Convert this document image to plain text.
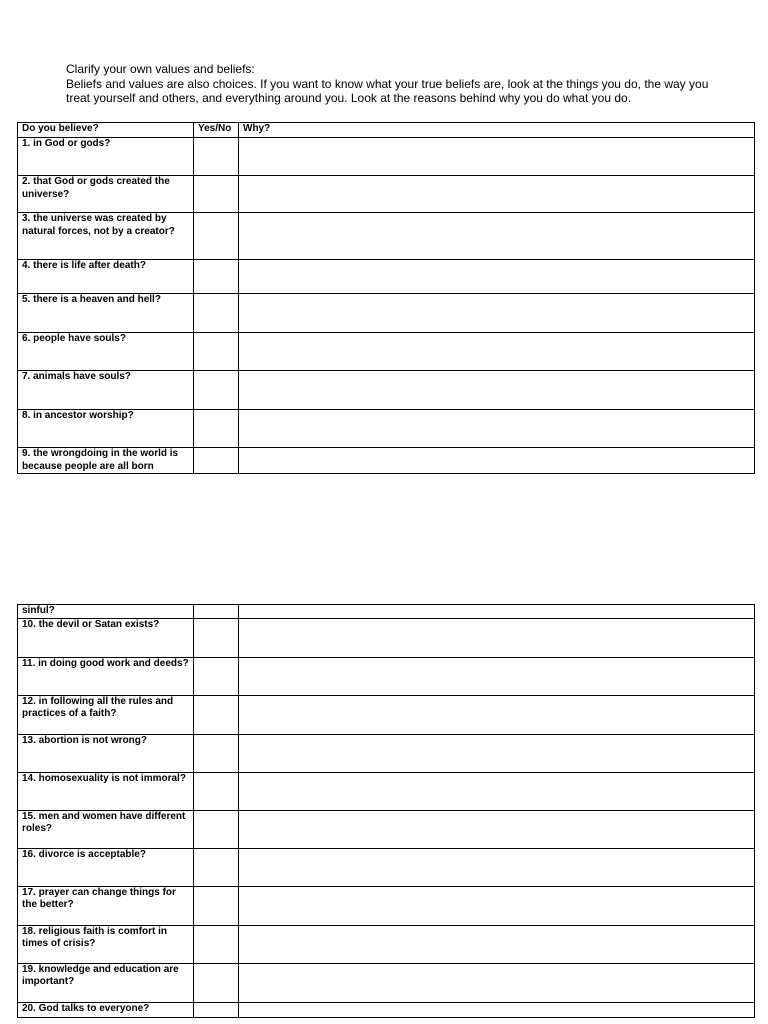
Clarify your own values and beliefs:

Beliefs and values are also choices. If you want to know what your true beliefs are, look at the things you do, the way you treat yourself and others, and everything around you. Look at the reasons behind why you do what you do.

Do you believe?	Yes/No	Why?
1. in God or gods?		
2. that God or gods created the universe?		
3. the universe was created by natural forces, not by a creator?		
4. there is life after death?		
5. there is a heaven and hell?		
6. people have souls?		
7. animals have souls?		
8. in ancestor worship?		
9. the wrongdoing in the world is because people are all born		
sinful?		
10. the devil or Satan exists?		
11. in doing good work and deeds?		
12. in following all the rules and practices of a faith?		
13. abortion is not wrong?		
14. homosexuality is not immoral?		
15. men and women have different roles?		
16. divorce is acceptable?		
17. prayer can change things for the better?		
18. religious faith is comfort in times of crisis?		
19. knowledge and education are important?		
20. God talks to everyone?		
